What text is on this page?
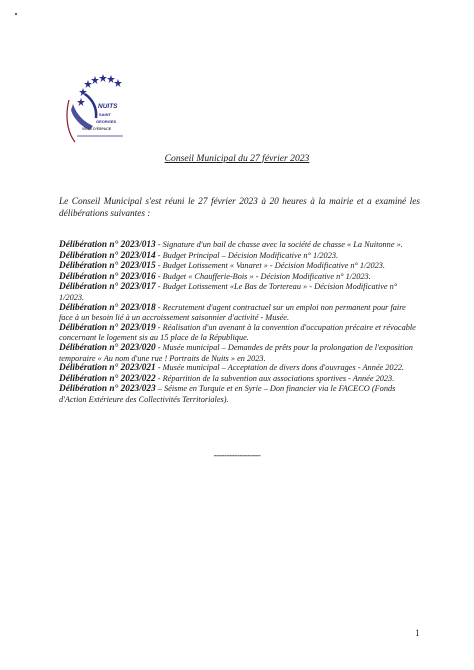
NUITS
SAINT
GEORGES
VILLE D'ESPACE
Conseil Municipal du 27 février 2023
Le Conseil Municipal s'est réuni le 27 février 2023 à 20 heures à la mairie et a examiné les délibérations suivantes :

Délibération n° 2023/013 - Signature d'un bail de chasse avec la société de chasse « La Nuitonne ».

Délibération n° 2023/014 - Budget Principal – Décision Modificative n° 1/2023.

Délibération n° 2023/015 - Budget Lotissement « Vanaret » - Décision Modificative n° 1/2023.

Délibération n° 2023/016 - Budget « Chaufferie-Bois » - Décision Modificative n° 1/2023.

Délibération n° 2023/017 - Budget Lotissement «Le Bas de Tortereau » - Décision Modificative n° 1/2023.

Délibération n° 2023/018 - Recrutement d'agent contractuel sur un emploi non permanent pour faire face à un besoin lié à un accroissement saisonnier d'activité - Musée.

Délibération n° 2023/019 - Réalisation d'un avenant à la convention d'occupation précaire et révocable concernant le logement sis au 15 place de la République.

Délibération n° 2023/020 - Musée municipal – Demandes de prêts pour la prolongation de l'exposition temporaire « Au nom d'une rue ! Portraits de Nuits » en 2023.

Délibération n° 2023/021 - Musée municipal – Acceptation de divers dons d'ouvrages - Année 2022.

Délibération n° 2023/022 - Répartition de la subvention aux associations sportives - Année 2023.

Délibération n° 2023/023 – Séisme en Turquie et en Syrie – Don financier via le FACECO (Fonds d'Action Extérieure des Collectivités Territoriales).

------------------
1
